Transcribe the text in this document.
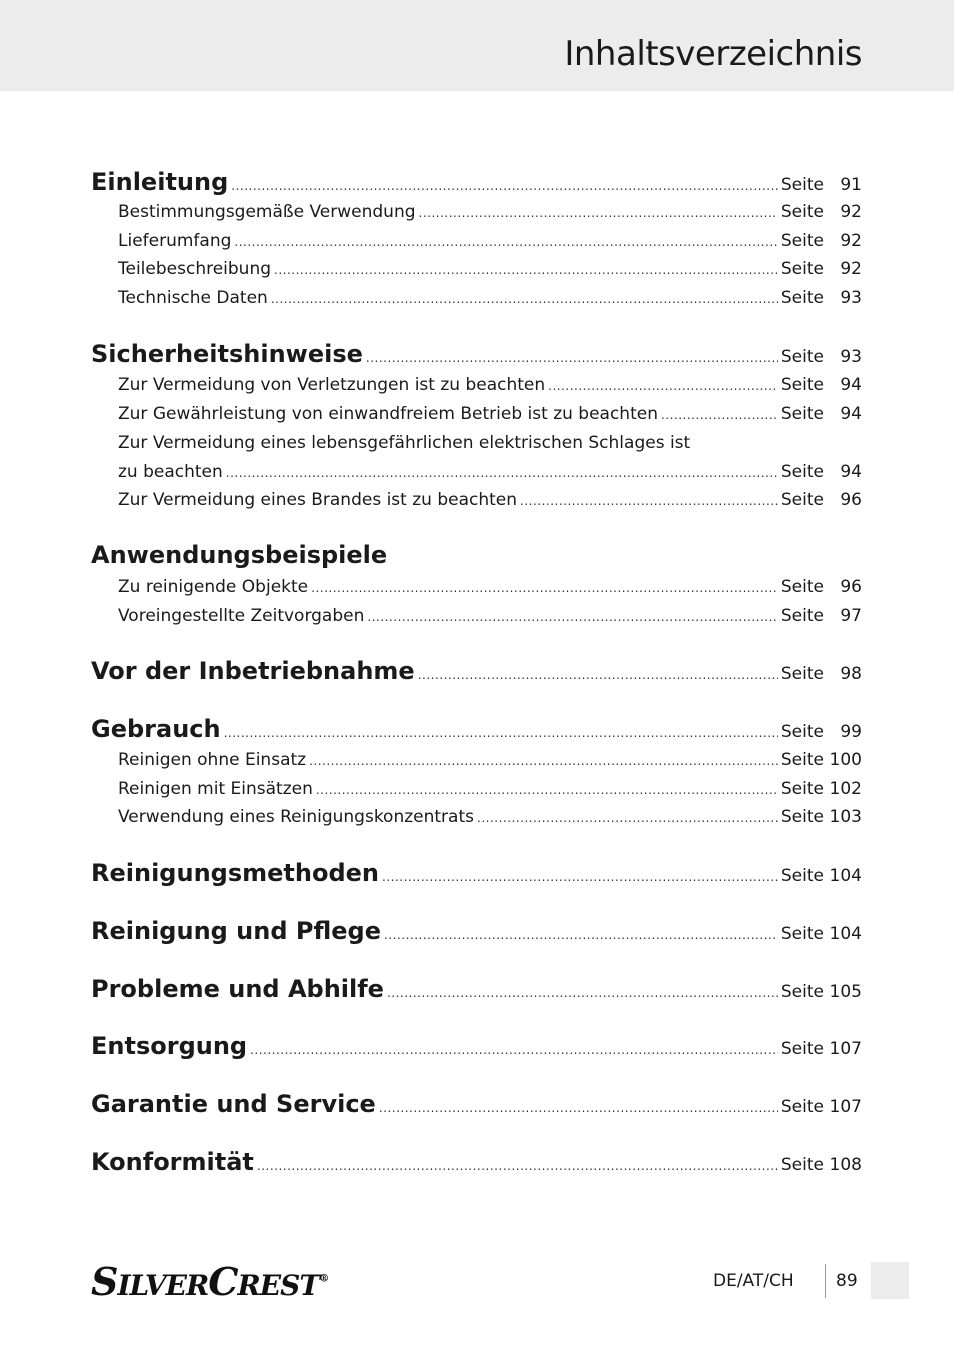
Inhaltsverzeichnis
Einleitung .....	Seite 91
Bestimmungsgemäße Verwendung .....	Seite 92
Lieferumfang .....	Seite 92
Teilebeschreibung .....	Seite 92
Technische Daten .....	Seite 93
Sicherheitshinweise .....	Seite 93
Zur Vermeidung von Verletzungen ist zu beachten .....	Seite 94
Zur Gewährleistung von einwandfreiem Betrieb ist zu beachten .....	Seite 94
Zur Vermeidung eines lebensgefährlichen elektrischen Schlages ist
zu beachten .....	Seite 94
Zur Vermeidung eines Brandes ist zu beachten .....	Seite 96
Anwendungsbeispiele
Zu reinigende Objekte .....	Seite 96
Voreingestellte Zeitvorgaben .....	Seite 97
Vor der Inbetriebnahme .....	Seite 98
Gebrauch .....	Seite 99
Reinigen ohne Einsatz .....	Seite 100
Reinigen mit Einsätzen .....	Seite 102
Verwendung eines Reinigungskonzentrats .....	Seite 103
Reinigungsmethoden .....	Seite 104
Reinigung und Pflege .....	Seite 104
Probleme und Abhilfe .....	Seite 105
Entsorgung .....	Seite 107
Garantie und Service .....	Seite 107
Konformität .....	Seite 108
SILVERCREST®	DE/AT/CH 89
